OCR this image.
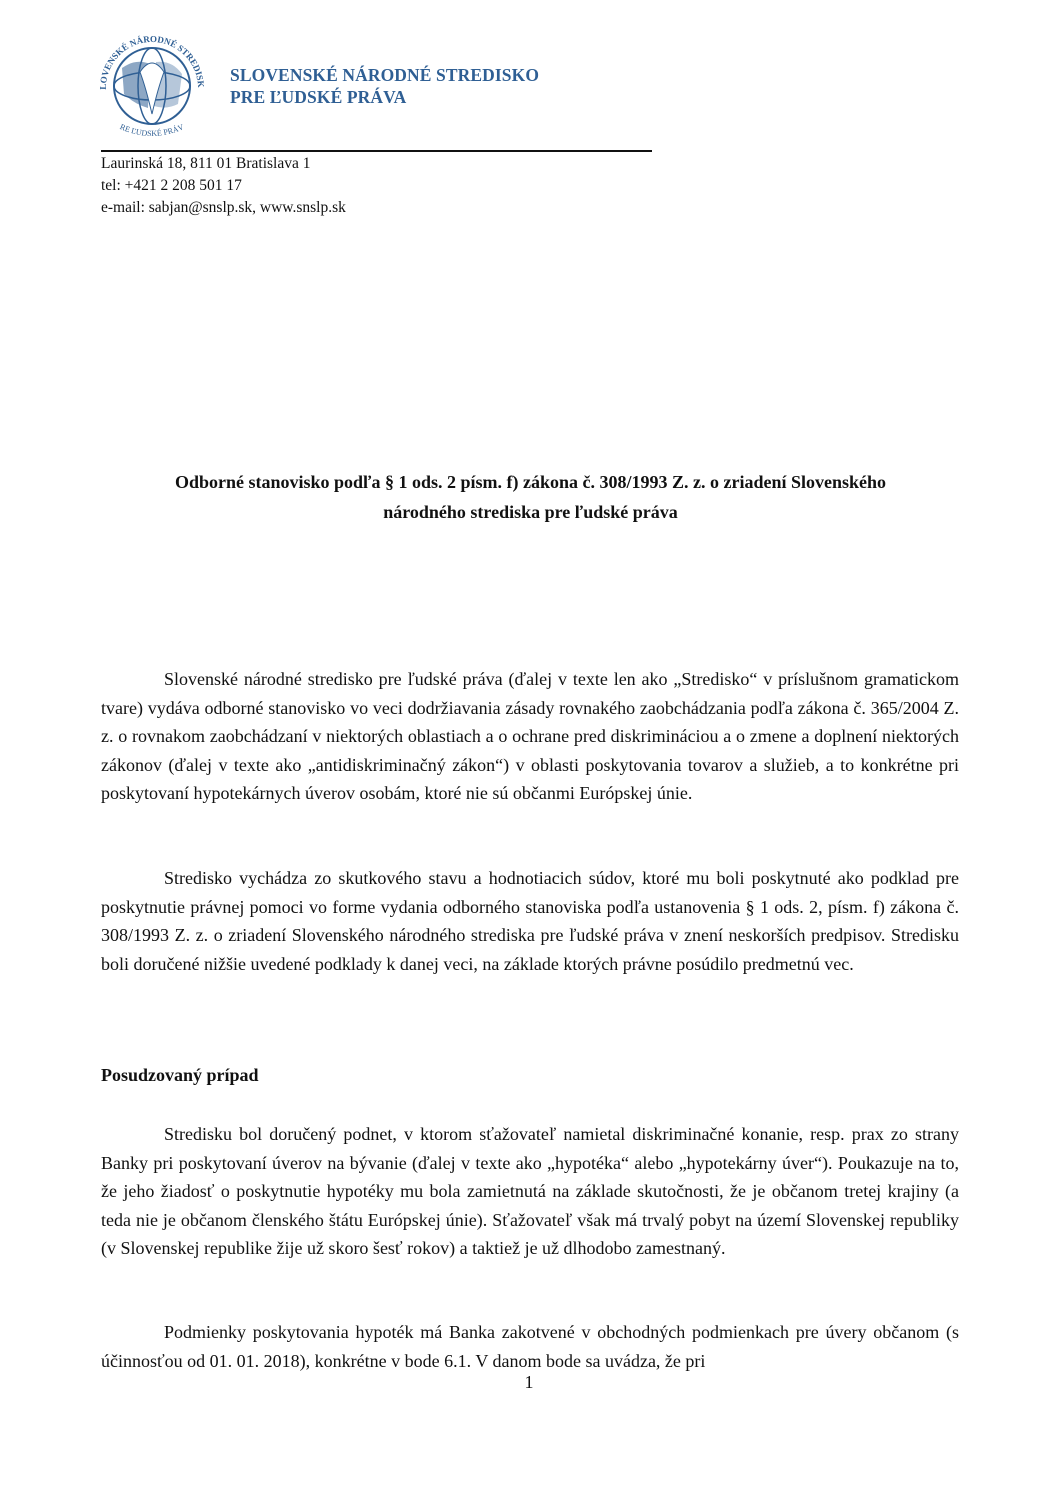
LOVENSKÉ NÁRODNÉ STREDISK
RE ĽUDSKÉ PRÁV
SLOVENSKÉ NÁRODNÉ STREDISKO
PRE ĽUDSKÉ PRÁVA
Laurinská 18, 811 01 Bratislava 1
tel: +421 2 208 501 17
e-mail: sabjan@snslp.sk, www.snslp.sk
Odborné stanovisko podľa § 1 ods. 2 písm. f) zákona č. 308/1993 Z. z. o zriadení Slovenského
národného strediska pre ľudské práva

Slovenské národné stredisko pre ľudské práva (ďalej v texte len ako „Stredisko“ v príslušnom gramatickom tvare) vydáva odborné stanovisko vo veci dodržiavania zásady rovnakého zaobchádzania podľa zákona č. 365/2004 Z. z. o rovnakom zaobchádzaní v niektorých oblastiach a o ochrane pred diskrimináciou a o zmene a doplnení niektorých zákonov (ďalej v texte ako „antidiskriminačný zákon“) v oblasti poskytovania tovarov a služieb, a to konkrétne pri poskytovaní hypotekárnych úverov osobám, ktoré nie sú občanmi Európskej únie.

Stredisko vychádza zo skutkového stavu a hodnotiacich súdov, ktoré mu boli poskytnuté ako podklad pre poskytnutie právnej pomoci vo forme vydania odborného stanoviska podľa ustanovenia § 1 ods. 2, písm. f) zákona č. 308/1993 Z. z. o zriadení Slovenského národného strediska pre ľudské práva v znení neskorších predpisov. Stredisku boli doručené nižšie uvedené podklady k danej veci, na základe ktorých právne posúdilo predmetnú vec.

Posudzovaný prípad

Stredisku bol doručený podnet, v ktorom sťažovateľ namietal diskriminačné konanie, resp. prax zo strany Banky pri poskytovaní úverov na bývanie (ďalej v texte ako „hypotéka“ alebo „hypotekárny úver“). Poukazuje na to, že jeho žiadosť o poskytnutie hypotéky mu bola zamietnutá na základe skutočnosti, že je občanom tretej krajiny (a teda nie je občanom členského štátu Európskej únie). Sťažovateľ však má trvalý pobyt na území Slovenskej republiky (v Slovenskej republike žije už skoro šesť rokov) a taktiež je už dlhodobo zamestnaný.

Podmienky poskytovania hypoték má Banka zakotvené v obchodných podmienkach pre úvery občanom (s účinnosťou od 01. 01. 2018), konkrétne v bode 6.1. V danom bode sa uvádza, že pri

1
